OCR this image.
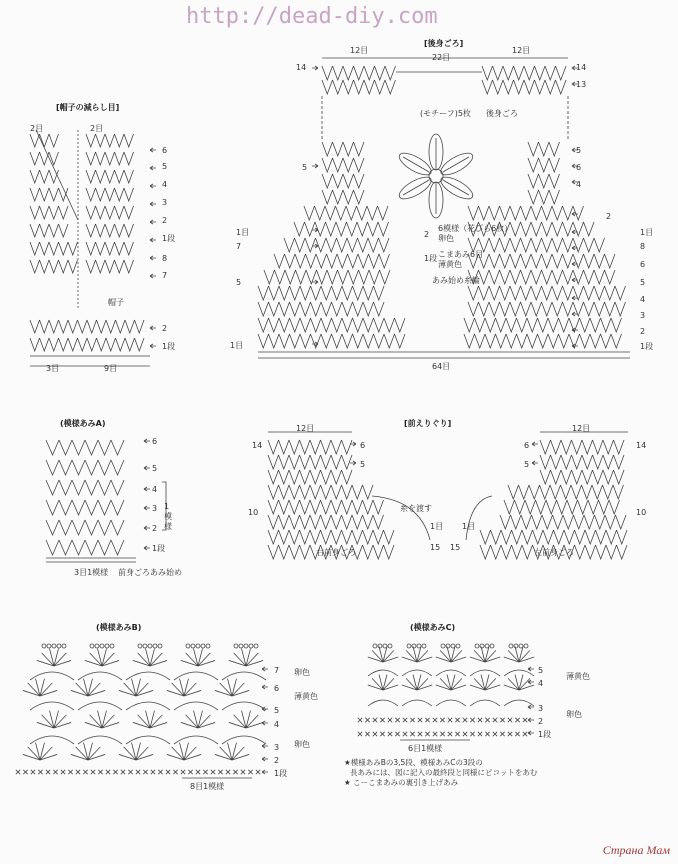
http://dead-diy.com
[後身ごろ]
12目
22目
12目
(モチーフ)5枚 後身ごろ
2
6模様（花びら6枚）
卵色
1段 こまあみ6目
薄黄色
あみ始め糸輪
64目
14
5
1目
7
5
1目
14
13
5
6
4
2
1目
8
6
5
4
3
2
1段
[帽子の減らし目]
2目	2目
6
5
4
3
2
1段
8
7
帽子
2
1段
3目	9目
(模様あみA)
6
5
4
3
2
1段
1模様
3目1模様 前身ごろあみ始め
[前えりぐり]
12目	12目
14	6
5
10
1目
15
6
5
14
10
1目
15
糸を渡す
右前身ごろ	左前身ごろ
(模様あみB)
7
6
5
4
3
2
1段
卵色
薄黄色
卵色
8目1模様
(模様あみC)
5
4
3
2
1段
薄黄色
卵色
6目1模様
★模様あみBの3,5段、模様あみCの3段の
長あみには、図に記入の最終段と同様にピコットをあむ
★ こーこまあみの裏引き上げあみ
Страна Мам
